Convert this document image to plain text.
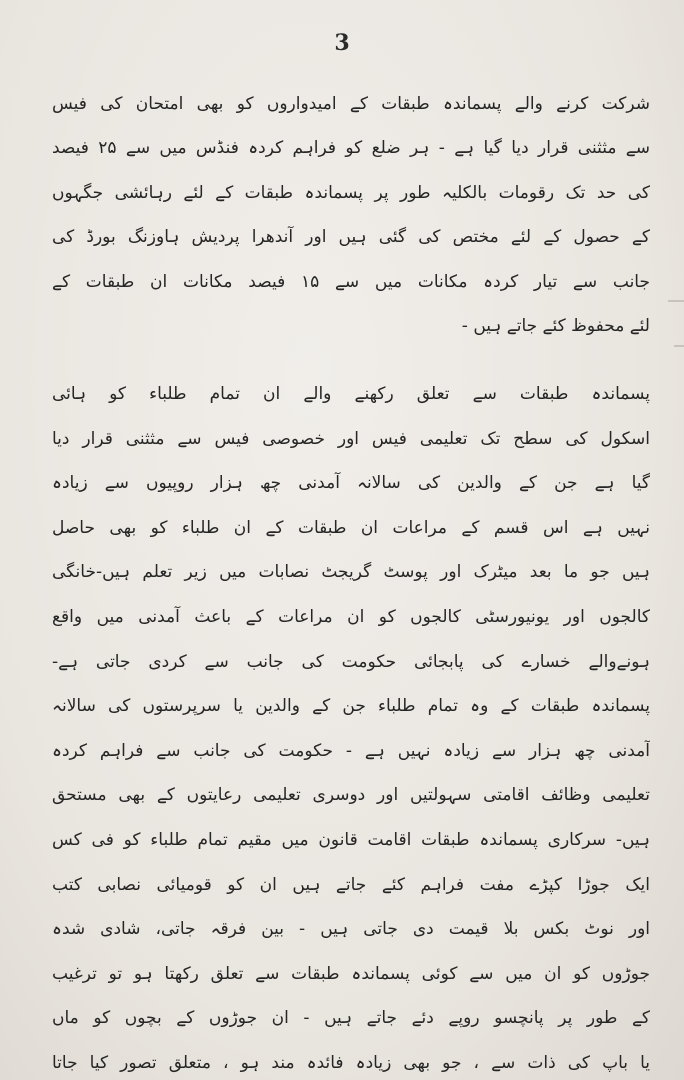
3
شرکت کرنے والے پسماندہ طبقات کے امیدواروں کو بھی امتحان کی فیس
سے مثثنی قرار دیا گیا ہے - ہر ضلع کو فراہم کردہ فنڈس میں سے ۲۵ فیصد
کی حد تک رقومات بالکلیہ طور پر پسماندہ طبقات کے لئے رہائشی جگہوں
کے حصول کے لئے مختص کی گئی ہیں اور آندھرا پردیش ہاوزنگ بورڈ کی
جانب سے تیار کردہ مکانات میں سے ۱۵ فیصد مکانات ان طبقات کے
لئے محفوظ کئے جاتے ہیں -
پسماندہ طبقات سے تعلق رکھنے والے ان تمام طلباء کو ہائی
اسکول کی سطح تک تعلیمی فیس اور خصوصی فیس سے مثثنی قرار دیا
گیا ہے جن کے والدین کی سالانہ آمدنی چھ ہزار روپیوں سے زیادہ
نہیں ہے اس قسم کے مراعات ان طبقات کے ان طلباء کو بھی حاصل
ہیں جو ما بعد میٹرک اور پوسٹ گریجٹ نصابات میں زیر تعلم ہیں-خانگی
کالجوں اور یونیورسٹی کالجوں کو ان مراعات کے باعث آمدنی میں واقع
ہونےوالے خسارے کی پابجائی حکومت کی جانب سے کردی جاتی ہے-
پسماندہ طبقات کے وہ تمام طلباء جن کے والدین یا سرپرستوں کی سالانہ
آمدنی چھ ہزار سے زیادہ نہیں ہے - حکومت کی جانب سے فراہم کردہ
تعلیمی وظائف اقامتی سہولتیں اور دوسری تعلیمی رعایتوں کے بھی مستحق
ہیں- سرکاری پسماندہ طبقات اقامت قانون میں مقیم تمام طلباء کو فی کس
ایک جوڑا کپڑے مفت فراہم کئے جاتے ہیں ان کو قومیائی نصابی کتب
اور نوٹ بکس بلا قیمت دی جاتی ہیں - بین فرقہ جاتی، شادی شدہ
جوڑوں کو ان میں سے کوئی پسماندہ طبقات سے تعلق رکھتا ہو تو ترغیب
کے طور پر پانچسو روپے دئے جاتے ہیں - ان جوڑوں کے بچوں کو ماں
یا باپ کی ذات سے ، جو بھی زیادہ فائدہ مند ہو ، متعلق تصور کیا جاتا
